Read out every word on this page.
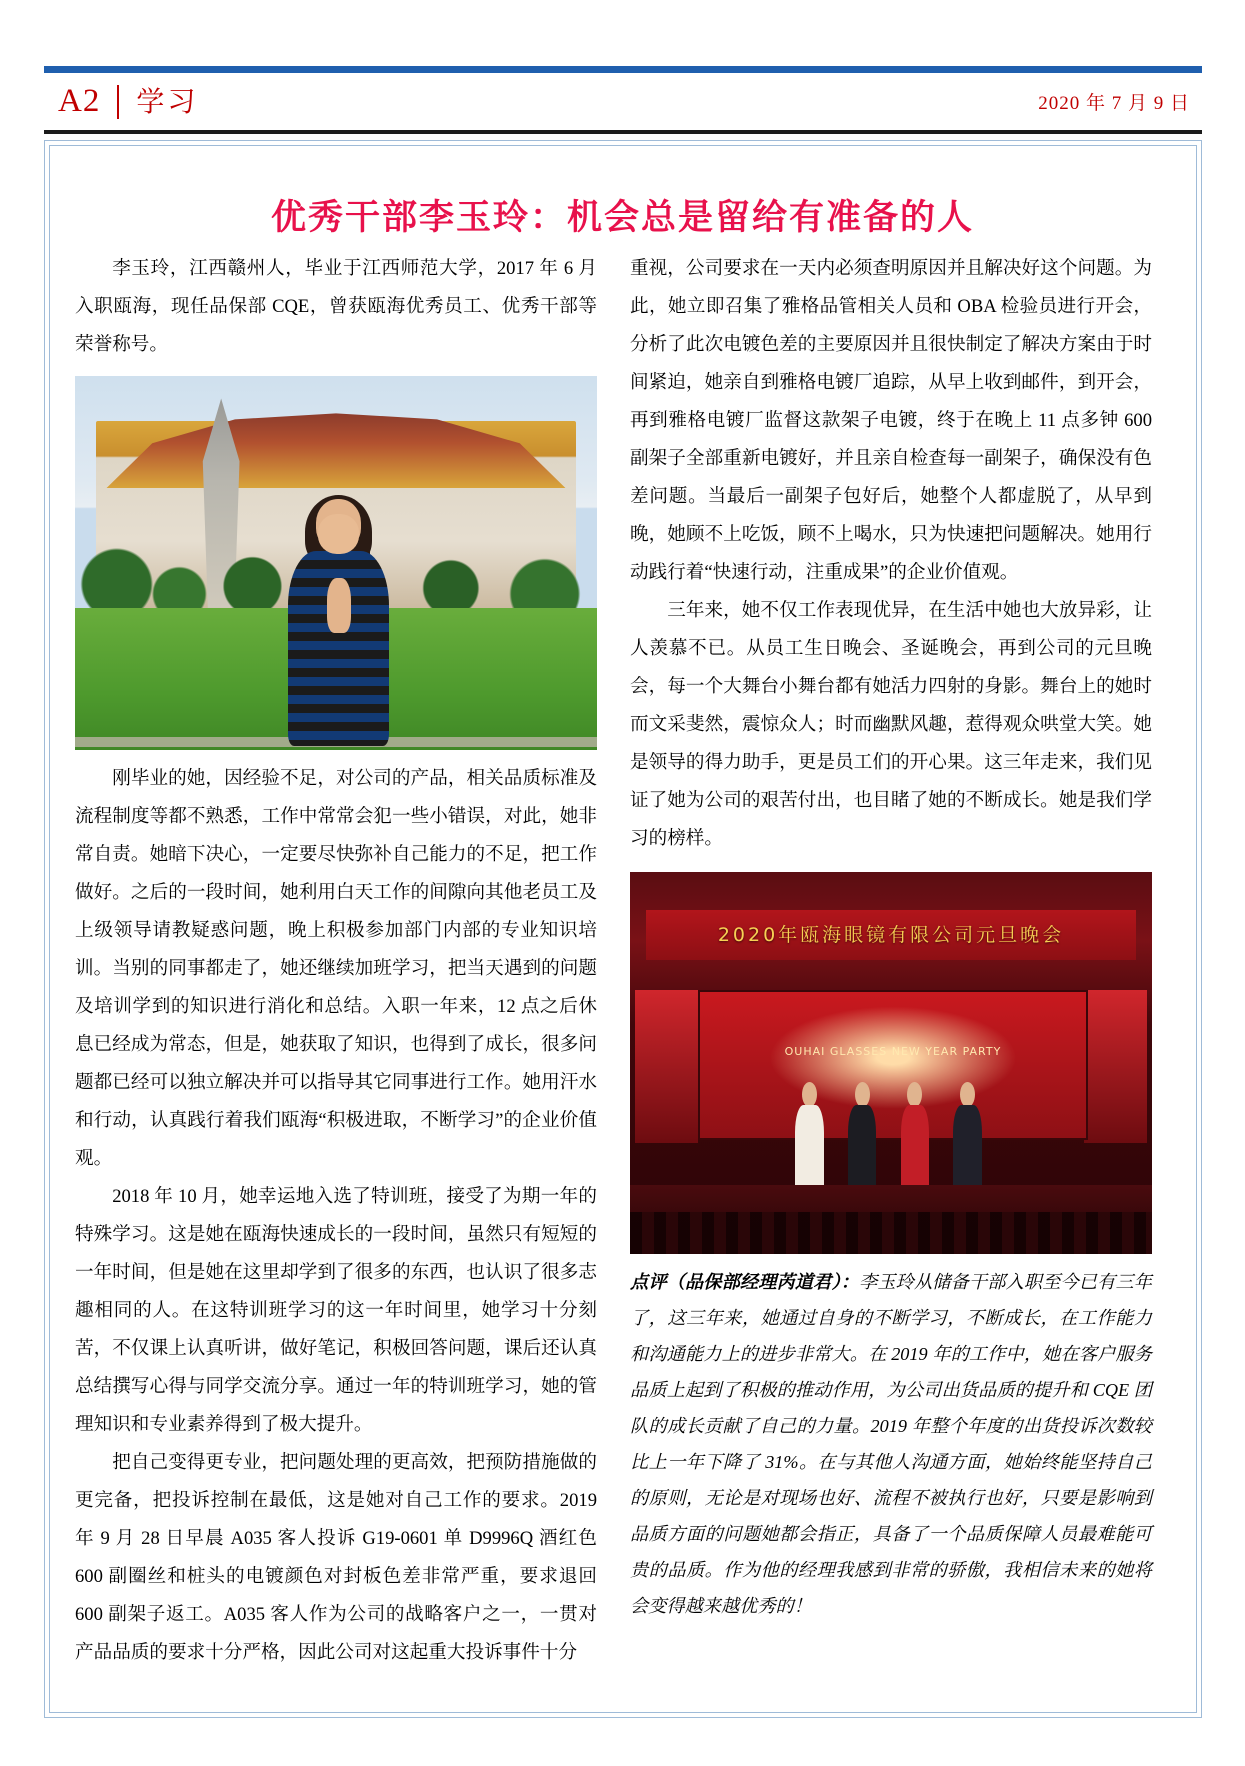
A2 学习	2020 年 7 月 9 日
优秀干部李玉玲：机会总是留给有准备的人

李玉玲，江西赣州人，毕业于江西师范大学，2017 年 6 月入职瓯海，现任品保部 CQE，曾获瓯海优秀员工、优秀干部等荣誉称号。

刚毕业的她，因经验不足，对公司的产品，相关品质标准及流程制度等都不熟悉，工作中常常会犯一些小错误，对此，她非常自责。她暗下决心，一定要尽快弥补自己能力的不足，把工作做好。之后的一段时间，她利用白天工作的间隙向其他老员工及上级领导请教疑惑问题，晚上积极参加部门内部的专业知识培训。当别的同事都走了，她还继续加班学习，把当天遇到的问题及培训学到的知识进行消化和总结。入职一年来，12 点之后休息已经成为常态，但是，她获取了知识，也得到了成长，很多问题都已经可以独立解决并可以指导其它同事进行工作。她用汗水和行动，认真践行着我们瓯海“积极进取，不断学习”的企业价值观。

2018 年 10 月，她幸运地入选了特训班，接受了为期一年的特殊学习。这是她在瓯海快速成长的一段时间，虽然只有短短的一年时间，但是她在这里却学到了很多的东西，也认识了很多志趣相同的人。在这特训班学习的这一年时间里，她学习十分刻苦，不仅课上认真听讲，做好笔记，积极回答问题，课后还认真总结撰写心得与同学交流分享。通过一年的特训班学习，她的管理知识和专业素养得到了极大提升。

把自己变得更专业，把问题处理的更高效，把预防措施做的更完备，把投诉控制在最低，这是她对自己工作的要求。2019 年 9 月 28 日早晨 A035 客人投诉 G19-0601 单 D9996Q 酒红色 600 副圈丝和桩头的电镀颜色对封板色差非常严重，要求退回 600 副架子返工。A035 客人作为公司的战略客户之一，一贯对产品品质的要求十分严格，因此公司对这起重大投诉事件十分

重视，公司要求在一天内必须查明原因并且解决好这个问题。为此，她立即召集了雅格品管相关人员和 OBA 检验员进行开会，分析了此次电镀色差的主要原因并且很快制定了解决方案由于时间紧迫，她亲自到雅格电镀厂追踪，从早上收到邮件，到开会，再到雅格电镀厂监督这款架子电镀，终于在晚上 11 点多钟 600 副架子全部重新电镀好，并且亲自检查每一副架子，确保没有色差问题。当最后一副架子包好后，她整个人都虚脱了，从早到晚，她顾不上吃饭，顾不上喝水，只为快速把问题解决。她用行动践行着“快速行动，注重成果”的企业价值观。

三年来，她不仅工作表现优异，在生活中她也大放异彩，让人羡慕不已。从员工生日晚会、圣诞晚会，再到公司的元旦晚会，每一个大舞台小舞台都有她活力四射的身影。舞台上的她时而文采斐然，震惊众人；时而幽默风趣，惹得观众哄堂大笑。她是领导的得力助手，更是员工们的开心果。这三年走来，我们见证了她为公司的艰苦付出，也目睹了她的不断成长。她是我们学习的榜样。

2020年瓯海眼镜有限公司元旦晚会
OUHAI GLASSES NEW YEAR PARTY
点评（品保部经理芮道君）：李玉玲从储备干部入职至今已有三年了，这三年来，她通过自身的不断学习，不断成长，在工作能力和沟通能力上的进步非常大。在 2019 年的工作中，她在客户服务品质上起到了积极的推动作用，为公司出货品质的提升和 CQE 团队的成长贡献了自己的力量。2019 年整个年度的出货投诉次数较比上一年下降了 31%。在与其他人沟通方面，她始终能坚持自己的原则，无论是对现场也好、流程不被执行也好，只要是影响到品质方面的问题她都会指正，具备了一个品质保障人员最难能可贵的品质。作为他的经理我感到非常的骄傲，我相信未来的她将会变得越来越优秀的！
